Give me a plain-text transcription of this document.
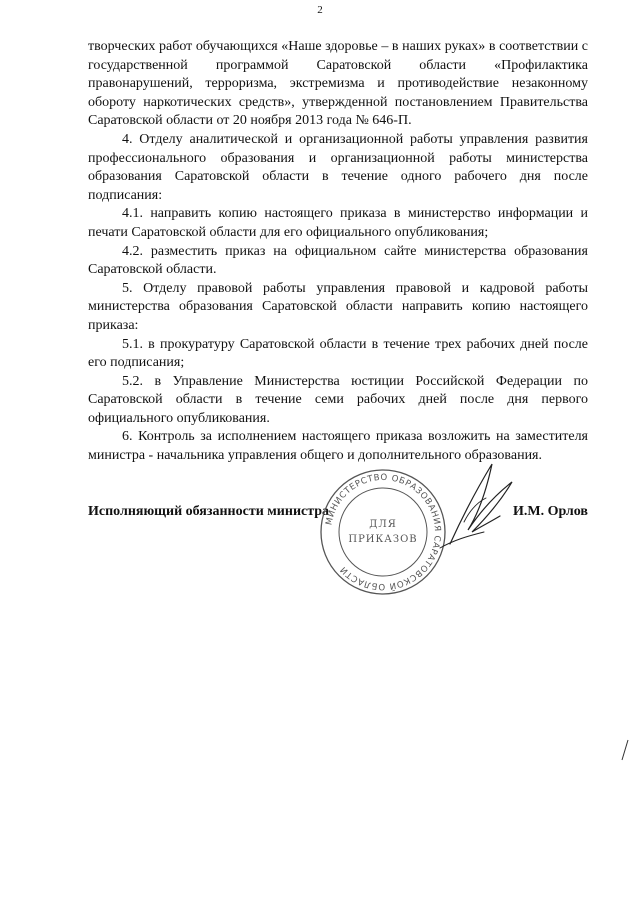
2

творческих работ обучающихся «Наше здоровье – в наших руках» в соответствии с государственной программой Саратовской области «Профилактика правонарушений, терроризма, экстремизма и противодействие незаконному обороту наркотических средств», утвержденной постановлением Правительства Саратовской области от 20 ноября 2013 года № 646-П.

4. Отделу аналитической и организационной работы управления развития профессионального образования и организационной работы министерства образования Саратовской области в течение одного рабочего дня после подписания:

4.1. направить копию настоящего приказа в министерство информации и печати Саратовской области для его официального опубликования;

4.2. разместить приказ на официальном сайте министерства образования Саратовской области.

5. Отделу правовой работы управления правовой и кадровой работы министерства образования Саратовской области направить копию настоящего приказа:

5.1. в прокуратуру Саратовской области в течение трех рабочих дней после его подписания;

5.2. в Управление Министерства юстиции Российской Федерации по Саратовской области в течение семи рабочих дней после дня первого официального опубликования.

6. Контроль за исполнением настоящего приказа возложить на заместителя министра - начальника управления общего и дополнительного образования.

Исполняющий обязанности министра	И.М. Орлов
МИНИСТЕРСТВО ОБРАЗОВАНИЯ САРАТОВСКОЙ ОБЛАСТИ
ДЛЯ
ПРИКАЗОВ
